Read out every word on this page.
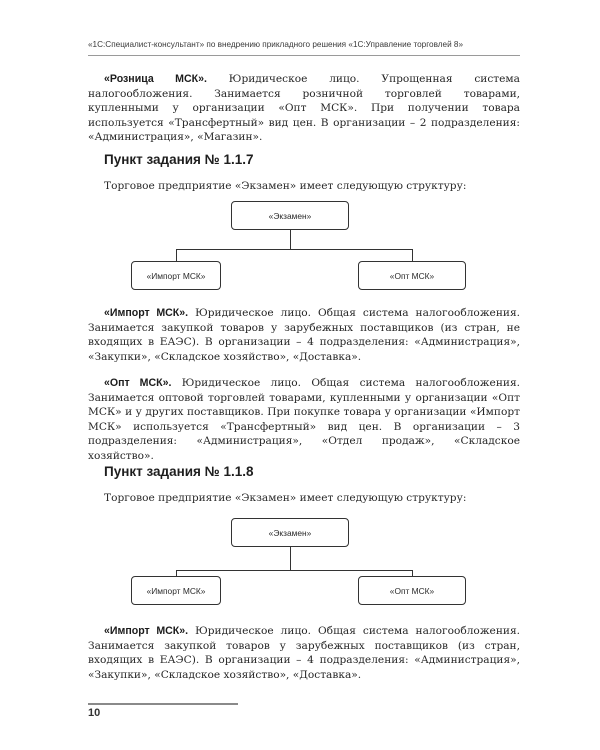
«1С:Специалист-консультант» по внедрению прикладного решения «1С:Управление торговлей 8»

«Розница МСК». Юридическое лицо. Упрощенная система налогообложения. Занимается розничной торговлей товарами, купленными у организации «Опт МСК». При получении товара используется «Трансфертный» вид цен. В организации – 2 подразделения: «Администрация», «Магазин».

Пункт задания № 1.1.7
Торговое предприятие «Экзамен» имеет следующую структуру:
«Экзамен»
«Импорт МСК»	«Опт МСК»

«Импорт МСК». Юридическое лицо. Общая система налогообложения. Занимается закупкой товаров у зарубежных поставщиков (из стран, не входящих в ЕАЭС). В организации – 4 подразделения: «Администрация», «Закупки», «Складское хозяйство», «Доставка».

«Опт МСК». Юридическое лицо. Общая система налогообложения. Занимается оптовой торговлей товарами, купленными у организации «Опт МСК» и у других поставщиков. При покупке товара у организации «Импорт МСК» используется «Трансфертный» вид цен. В организации – 3 подразделения: «Администрация», «Отдел продаж», «Складское хозяйство».

Пункт задания № 1.1.8
Торговое предприятие «Экзамен» имеет следующую структуру:
«Экзамен»
«Импорт МСК»	«Опт МСК»

«Импорт МСК». Юридическое лицо. Общая система налогообложения. Занимается закупкой товаров у зарубежных поставщиков (из стран, входящих в ЕАЭС). В организации – 4 подразделения: «Администрация», «Закупки», «Складское хозяйство», «Доставка».

10
